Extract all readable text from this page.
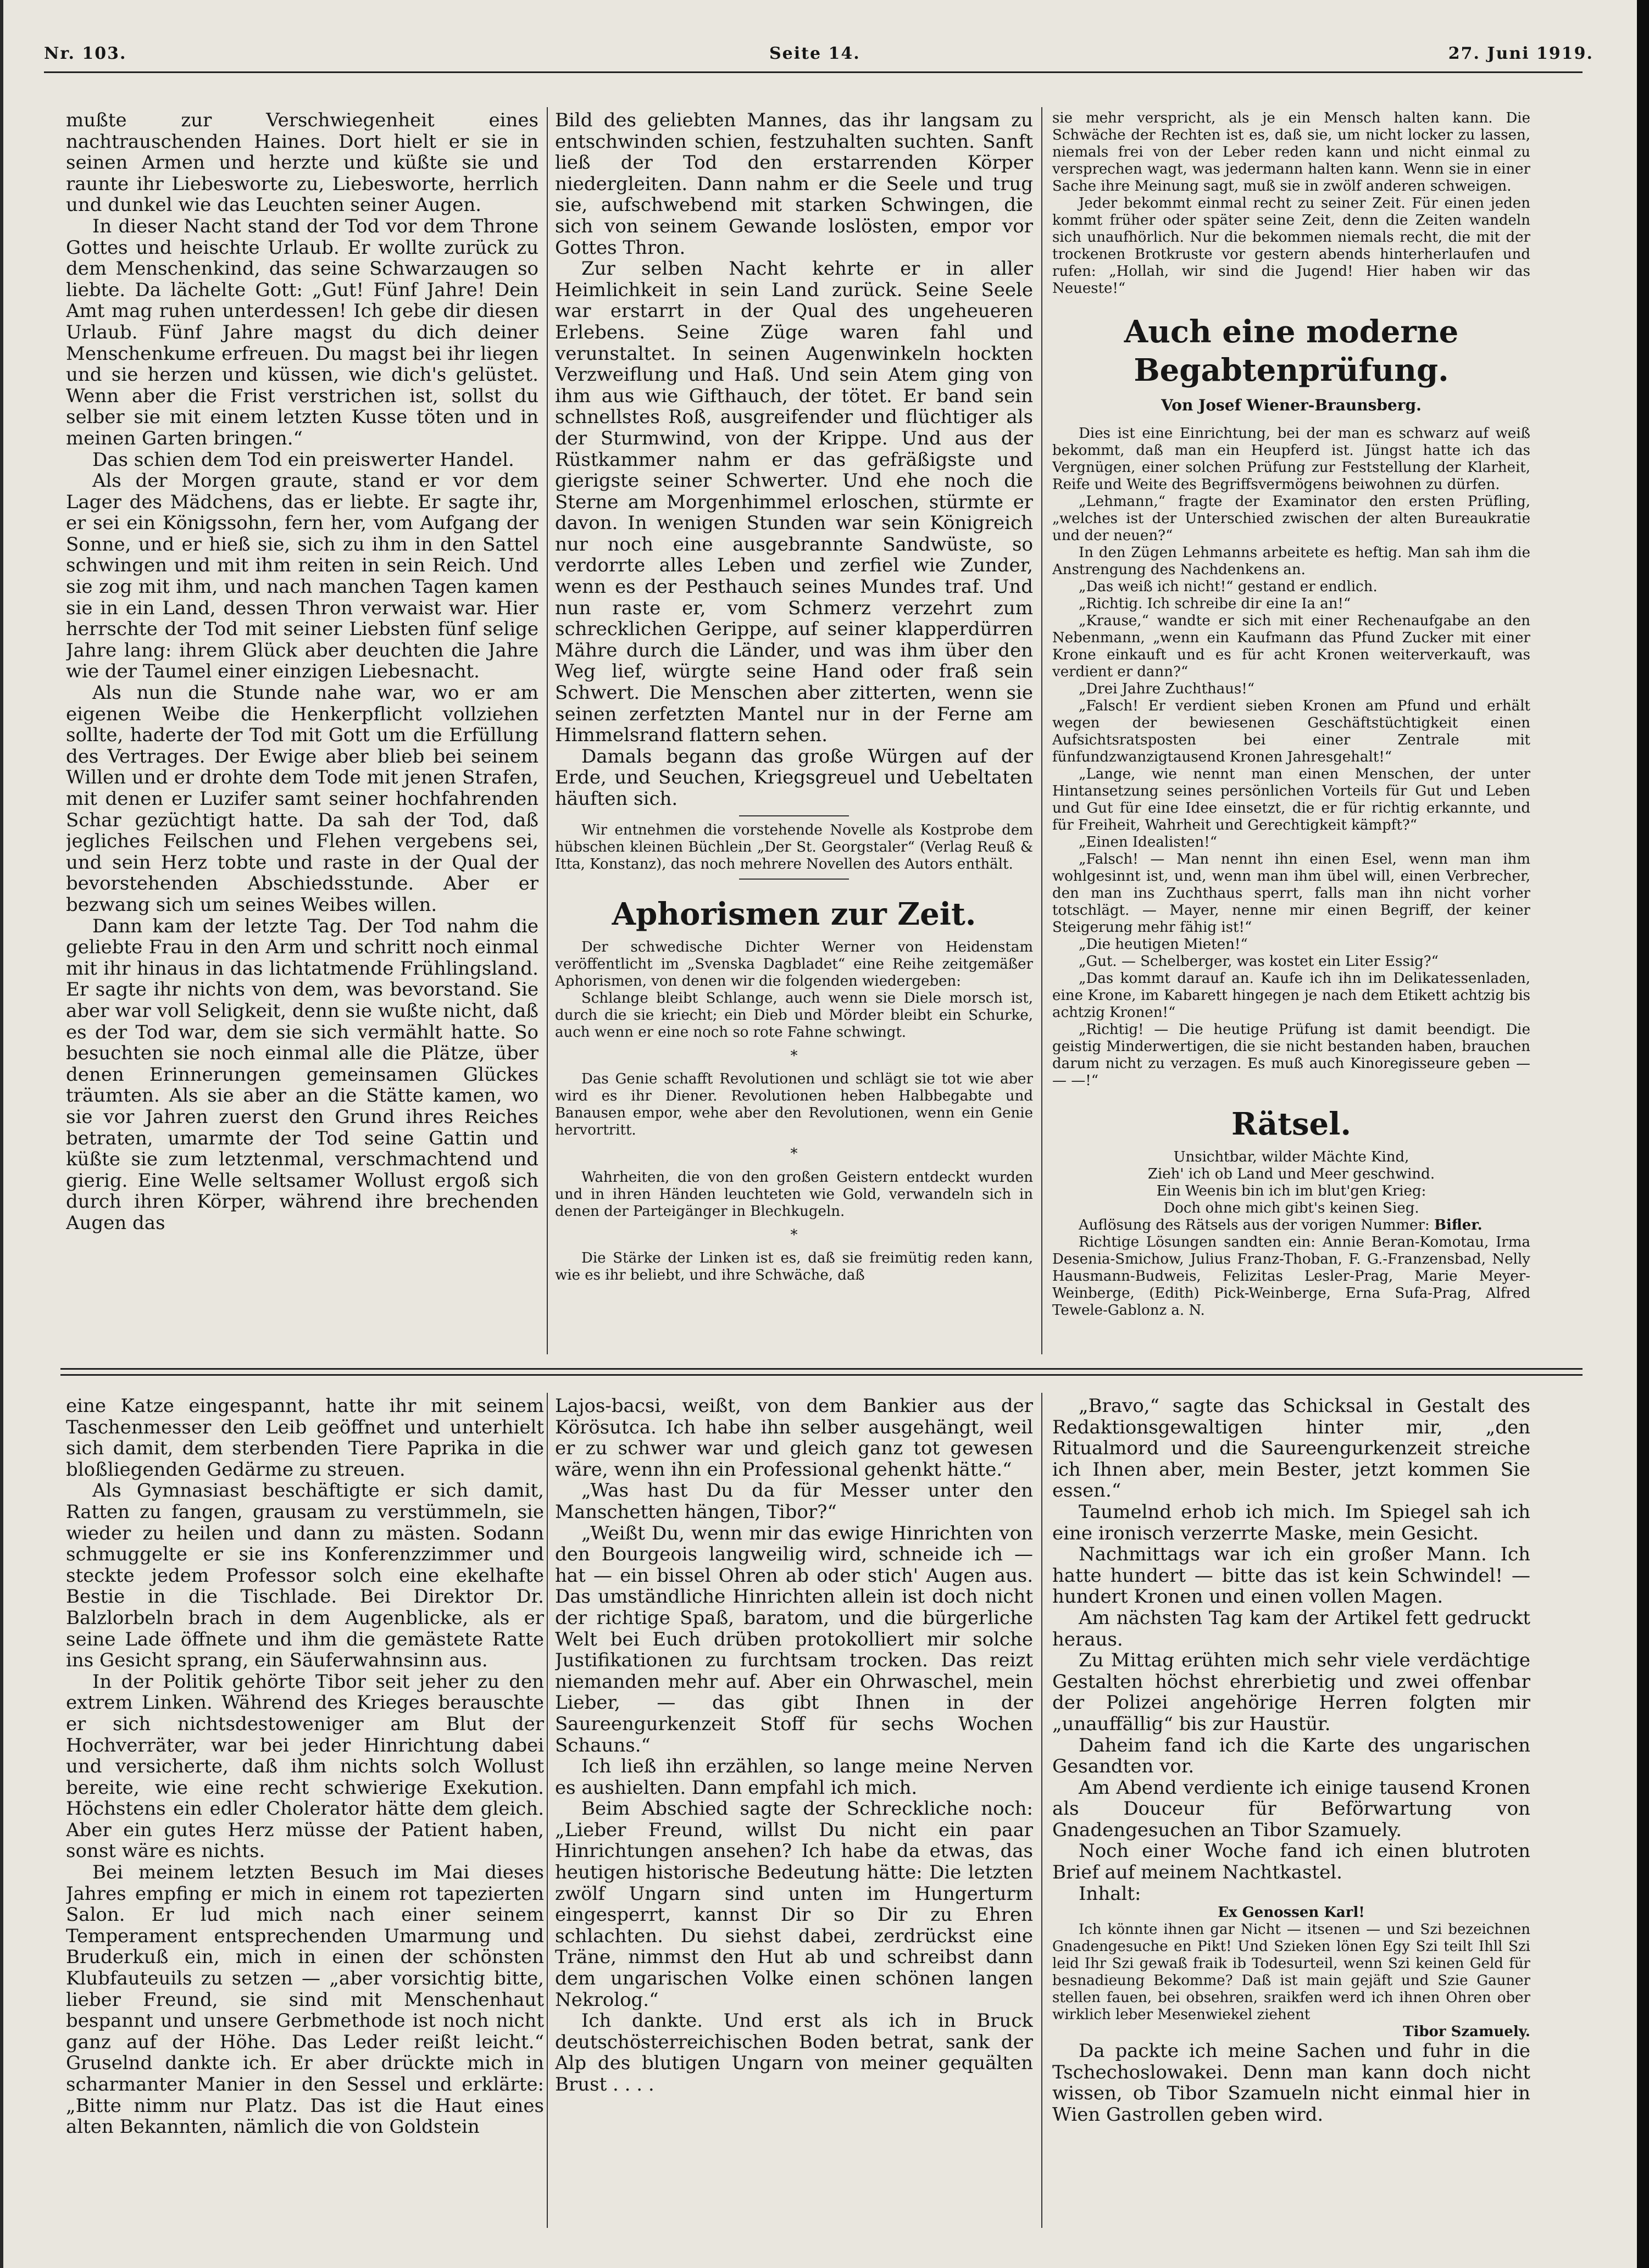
Nr. 103.	Seite 14.	27. Juni 1919.

mußte zur Verschwiegenheit eines nachtrauschenden Haines. Dort hielt er sie in seinen Armen und herzte und küßte sie und raunte ihr Liebesworte zu, Liebesworte, herrlich und dunkel wie das Leuchten seiner Augen.

In dieser Nacht stand der Tod vor dem Throne Gottes und heischte Urlaub. Er wollte zurück zu dem Menschenkind, das seine Schwarzaugen so liebte. Da lächelte Gott: „Gut! Fünf Jahre! Dein Amt mag ruhen unterdessen! Ich gebe dir diesen Urlaub. Fünf Jahre magst du dich deiner Menschenkume erfreuen. Du magst bei ihr liegen und sie herzen und küssen, wie dich's gelüstet. Wenn aber die Frist verstrichen ist, sollst du selber sie mit einem letzten Kusse töten und in meinen Garten bringen.“

Das schien dem Tod ein preiswerter Handel.

Als der Morgen graute, stand er vor dem Lager des Mädchens, das er liebte. Er sagte ihr, er sei ein Königssohn, fern her, vom Aufgang der Sonne, und er hieß sie, sich zu ihm in den Sattel schwingen und mit ihm reiten in sein Reich. Und sie zog mit ihm, und nach manchen Tagen kamen sie in ein Land, dessen Thron verwaist war. Hier herrschte der Tod mit seiner Liebsten fünf selige Jahre lang: ihrem Glück aber deuchten die Jahre wie der Taumel einer einzigen Liebesnacht.

Als nun die Stunde nahe war, wo er am eigenen Weibe die Henkerpflicht vollziehen sollte, haderte der Tod mit Gott um die Erfüllung des Vertrages. Der Ewige aber blieb bei seinem Willen und er drohte dem Tode mit jenen Strafen, mit denen er Luzifer samt seiner hochfahrenden Schar gezüchtigt hatte. Da sah der Tod, daß jegliches Feilschen und Flehen vergebens sei, und sein Herz tobte und raste in der Qual der bevorstehenden Abschiedsstunde. Aber er bezwang sich um seines Weibes willen.

Dann kam der letzte Tag. Der Tod nahm die geliebte Frau in den Arm und schritt noch einmal mit ihr hinaus in das lichtatmende Frühlingsland. Er sagte ihr nichts von dem, was bevorstand. Sie aber war voll Seligkeit, denn sie wußte nicht, daß es der Tod war, dem sie sich vermählt hatte. So besuchten sie noch einmal alle die Plätze, über denen Erinnerungen gemeinsamen Glückes träumten. Als sie aber an die Stätte kamen, wo sie vor Jahren zuerst den Grund ihres Reiches betraten, umarmte der Tod seine Gattin und küßte sie zum letztenmal, verschmachtend und gierig. Eine Welle seltsamer Wollust ergoß sich durch ihren Körper, während ihre brechenden Augen das

Bild des geliebten Mannes, das ihr langsam zu entschwinden schien, festzuhalten suchten. Sanft ließ der Tod den erstarrenden Körper niedergleiten. Dann nahm er die Seele und trug sie, aufschwebend mit starken Schwingen, die sich von seinem Gewande loslösten, empor vor Gottes Thron.

Zur selben Nacht kehrte er in aller Heimlichkeit in sein Land zurück. Seine Seele war erstarrt in der Qual des ungeheueren Erlebens. Seine Züge waren fahl und verunstaltet. In seinen Augenwinkeln hockten Verzweiflung und Haß. Und sein Atem ging von ihm aus wie Gifthauch, der tötet. Er band sein schnellstes Roß, ausgreifender und flüchtiger als der Sturmwind, von der Krippe. Und aus der Rüstkammer nahm er das gefräßigste und gierigste seiner Schwerter. Und ehe noch die Sterne am Morgenhimmel erloschen, stürmte er davon. In wenigen Stunden war sein Königreich nur noch eine ausgebrannte Sandwüste, so verdorrte alles Leben und zerfiel wie Zunder, wenn es der Pesthauch seines Mundes traf. Und nun raste er, vom Schmerz verzehrt zum schrecklichen Gerippe, auf seiner klapperdürren Mähre durch die Länder, und was ihm über den Weg lief, würgte seine Hand oder fraß sein Schwert. Die Menschen aber zitterten, wenn sie seinen zerfetzten Mantel nur in der Ferne am Himmelsrand flattern sehen.

Damals begann das große Würgen auf der Erde, und Seuchen, Kriegsgreuel und Uebeltaten häuften sich.

Wir entnehmen die vorstehende Novelle als Kostprobe dem hübschen kleinen Büchlein „Der St. Georgstaler“ (Verlag Reuß & Itta, Konstanz), das noch mehrere Novellen des Autors enthält.

Aphorismen zur Zeit.

Der schwedische Dichter Werner von Heidenstam veröffentlicht im „Svenska Dagbladet“ eine Reihe zeitgemäßer Aphorismen, von denen wir die folgenden wiedergeben:

Schlange bleibt Schlange, auch wenn sie Diele morsch ist, durch die sie kriecht; ein Dieb und Mörder bleibt ein Schurke, auch wenn er eine noch so rote Fahne schwingt.

*

Das Genie schafft Revolutionen und schlägt sie tot wie aber wird es ihr Diener. Revolutionen heben Halbbegabte und Banausen empor, wehe aber den Revolutionen, wenn ein Genie hervortritt.

*

Wahrheiten, die von den großen Geistern entdeckt wurden und in ihren Händen leuchteten wie Gold, verwandeln sich in denen der Parteigänger in Blechkugeln.

*

Die Stärke der Linken ist es, daß sie freimütig reden kann, wie es ihr beliebt, und ihre Schwäche, daß

sie mehr verspricht, als je ein Mensch halten kann. Die Schwäche der Rechten ist es, daß sie, um nicht locker zu lassen, niemals frei von der Leber reden kann und nicht einmal zu versprechen wagt, was jedermann halten kann. Wenn sie in einer Sache ihre Meinung sagt, muß sie in zwölf anderen schweigen.

Jeder bekommt einmal recht zu seiner Zeit. Für einen jeden kommt früher oder später seine Zeit, denn die Zeiten wandeln sich unaufhörlich. Nur die bekommen niemals recht, die mit der trockenen Brotkruste vor gestern abends hinterherlaufen und rufen: „Hollah, wir sind die Jugend! Hier haben wir das Neueste!“

Auch eine moderne Begabtenprüfung.

Von Josef Wiener-Braunsberg.

Dies ist eine Einrichtung, bei der man es schwarz auf weiß bekommt, daß man ein Heupferd ist. Jüngst hatte ich das Vergnügen, einer solchen Prüfung zur Feststellung der Klarheit, Reife und Weite des Begriffsvermögens beiwohnen zu dürfen.

„Lehmann,“ fragte der Examinator den ersten Prüfling, „welches ist der Unterschied zwischen der alten Bureaukratie und der neuen?“

In den Zügen Lehmanns arbeitete es heftig. Man sah ihm die Anstrengung des Nachdenkens an.

„Das weiß ich nicht!“ gestand er endlich.

„Richtig. Ich schreibe dir eine Ia an!“

„Krause,“ wandte er sich mit einer Rechenaufgabe an den Nebenmann, „wenn ein Kaufmann das Pfund Zucker mit einer Krone einkauft und es für acht Kronen weiterverkauft, was verdient er dann?“

„Drei Jahre Zuchthaus!“

„Falsch! Er verdient sieben Kronen am Pfund und erhält wegen der bewiesenen Geschäftstüchtigkeit einen Aufsichtsratsposten bei einer Zentrale mit fünfundzwanzigtausend Kronen Jahresgehalt!“

„Lange, wie nennt man einen Menschen, der unter Hintansetzung seines persönlichen Vorteils für Gut und Leben und Gut für eine Idee einsetzt, die er für richtig erkannte, und für Freiheit, Wahrheit und Gerechtigkeit kämpft?“

„Einen Idealisten!“

„Falsch! — Man nennt ihn einen Esel, wenn man ihm wohlgesinnt ist, und, wenn man ihm übel will, einen Verbrecher, den man ins Zuchthaus sperrt, falls man ihn nicht vorher totschlägt. — Mayer, nenne mir einen Begriff, der keiner Steigerung mehr fähig ist!“

„Die heutigen Mieten!“

„Gut. — Schelberger, was kostet ein Liter Essig?“

„Das kommt darauf an. Kaufe ich ihn im Delikatessenladen, eine Krone, im Kabarett hingegen je nach dem Etikett achtzig bis achtzig Kronen!“

„Richtig! — Die heutige Prüfung ist damit beendigt. Die geistig Minderwertigen, die sie nicht bestanden haben, brauchen darum nicht zu verzagen. Es muß auch Kinoregisseure geben — — —!“

Rätsel.

Unsichtbar, wilder Mächte Kind,

Zieh' ich ob Land und Meer geschwind.

Ein Weenis bin ich im blut'gen Krieg:

Doch ohne mich gibt's keinen Sieg.

Auflösung des Rätsels aus der vorigen Nummer: Bifler.

Richtige Lösungen sandten ein: Annie Beran-Komotau, Irma Desenia-Smichow, Julius Franz-Thoban, F. G.-Franzensbad, Nelly Hausmann-Budweis, Felizitas Lesler-Prag, Marie Meyer-Weinberge, (Edith) Pick-Weinberge, Erna Sufa-Prag, Alfred Tewele-Gablonz a. N.

eine Katze eingespannt, hatte ihr mit seinem Taschenmesser den Leib geöffnet und unterhielt sich damit, dem sterbenden Tiere Paprika in die bloßliegenden Gedärme zu streuen.

Als Gymnasiast beschäftigte er sich damit, Ratten zu fangen, grausam zu verstümmeln, sie wieder zu heilen und dann zu mästen. Sodann schmuggelte er sie ins Konferenzzimmer und steckte jedem Professor solch eine ekelhafte Bestie in die Tischlade. Bei Direktor Dr. Balzlorbeln brach in dem Augenblicke, als er seine Lade öffnete und ihm die gemästete Ratte ins Gesicht sprang, ein Säuferwahnsinn aus.

In der Politik gehörte Tibor seit jeher zu den extrem Linken. Während des Krieges berauschte er sich nichtsdestoweniger am Blut der Hochverräter, war bei jeder Hinrichtung dabei und versicherte, daß ihm nichts solch Wollust bereite, wie eine recht schwierige Exekution. Höchstens ein edler Cholerator hätte dem gleich. Aber ein gutes Herz müsse der Patient haben, sonst wäre es nichts.

Bei meinem letzten Besuch im Mai dieses Jahres empfing er mich in einem rot tapezierten Salon. Er lud mich nach einer seinem Temperament entsprechenden Umarmung und Bruderkuß ein, mich in einen der schönsten Klubfauteuils zu setzen — „aber vorsichtig bitte, lieber Freund, sie sind mit Menschenhaut bespannt und unsere Gerbmethode ist noch nicht ganz auf der Höhe. Das Leder reißt leicht.“ Gruselnd dankte ich. Er aber drückte mich in scharmanter Manier in den Sessel und erklärte: „Bitte nimm nur Platz. Das ist die Haut eines alten Bekannten, nämlich die von Goldstein

Lajos-bacsi, weißt, von dem Bankier aus der Körösutca. Ich habe ihn selber ausgehängt, weil er zu schwer war und gleich ganz tot gewesen wäre, wenn ihn ein Professional gehenkt hätte.“

„Was hast Du da für Messer unter den Manschetten hängen, Tibor?“

„Weißt Du, wenn mir das ewige Hinrichten von den Bourgeois langweilig wird, schneide ich — hat — ein bissel Ohren ab oder stich' Augen aus. Das umständliche Hinrichten allein ist doch nicht der richtige Spaß, baratom, und die bürgerliche Welt bei Euch drüben protokolliert mir solche Justifikationen zu furchtsam trocken. Das reizt niemanden mehr auf. Aber ein Ohrwaschel, mein Lieber, — das gibt Ihnen in der Saureengurkenzeit Stoff für sechs Wochen Schauns.“

Ich ließ ihn erzählen, so lange meine Nerven es aushielten. Dann empfahl ich mich.

Beim Abschied sagte der Schreckliche noch: „Lieber Freund, willst Du nicht ein paar Hinrichtungen ansehen? Ich habe da etwas, das heutigen historische Bedeutung hätte: Die letzten zwölf Ungarn sind unten im Hungerturm eingesperrt, kannst Dir so Dir zu Ehren schlachten. Du siehst dabei, zerdrückst eine Träne, nimmst den Hut ab und schreibst dann dem ungarischen Volke einen schönen langen Nekrolog.“

Ich dankte. Und erst als ich in Bruck deutschösterreichischen Boden betrat, sank der Alp des blutigen Ungarn von meiner gequälten Brust . . . .

„Bravo,“ sagte das Schicksal in Gestalt des Redaktionsgewaltigen hinter mir, „den Ritualmord und die Saureengurkenzeit streiche ich Ihnen aber, mein Bester, jetzt kommen Sie essen.“

Taumelnd erhob ich mich. Im Spiegel sah ich eine ironisch verzerrte Maske, mein Gesicht.

Nachmittags war ich ein großer Mann. Ich hatte hundert — bitte das ist kein Schwindel! — hundert Kronen und einen vollen Magen.

Am nächsten Tag kam der Artikel fett gedruckt heraus.

Zu Mittag erühten mich sehr viele verdächtige Gestalten höchst ehrerbietig und zwei offenbar der Polizei angehörige Herren folgten mir „unauffällig“ bis zur Haustür.

Daheim fand ich die Karte des ungarischen Gesandten vor.

Am Abend verdiente ich einige tausend Kronen als Douceur für Beförwartung von Gnadengesuchen an Tibor Szamuely.

Noch einer Woche fand ich einen blutroten Brief auf meinem Nachtkastel.

Inhalt:

Ex Genossen Karl!

Ich könnte ihnen gar Nicht — itsenen — und Szi bezeichnen Gnadengesuche en Pikt! Und Szieken lönen Egy Szi teilt Ihll Szi leid Ihr Szi gewaß fraik ib Todesurteil, wenn Szi keinen Geld für besnadieung Bekomme? Daß ist main gejäft und Szie Gauner stellen fauen, bei obsehren, sraikfen werd ich ihnen Ohren ober wirklich leber Mesenwiekel ziehent

Tibor Szamuely.

Da packte ich meine Sachen und fuhr in die Tschechoslowakei. Denn man kann doch nicht wissen, ob Tibor Szamueln nicht einmal hier in Wien Gastrollen geben wird.
